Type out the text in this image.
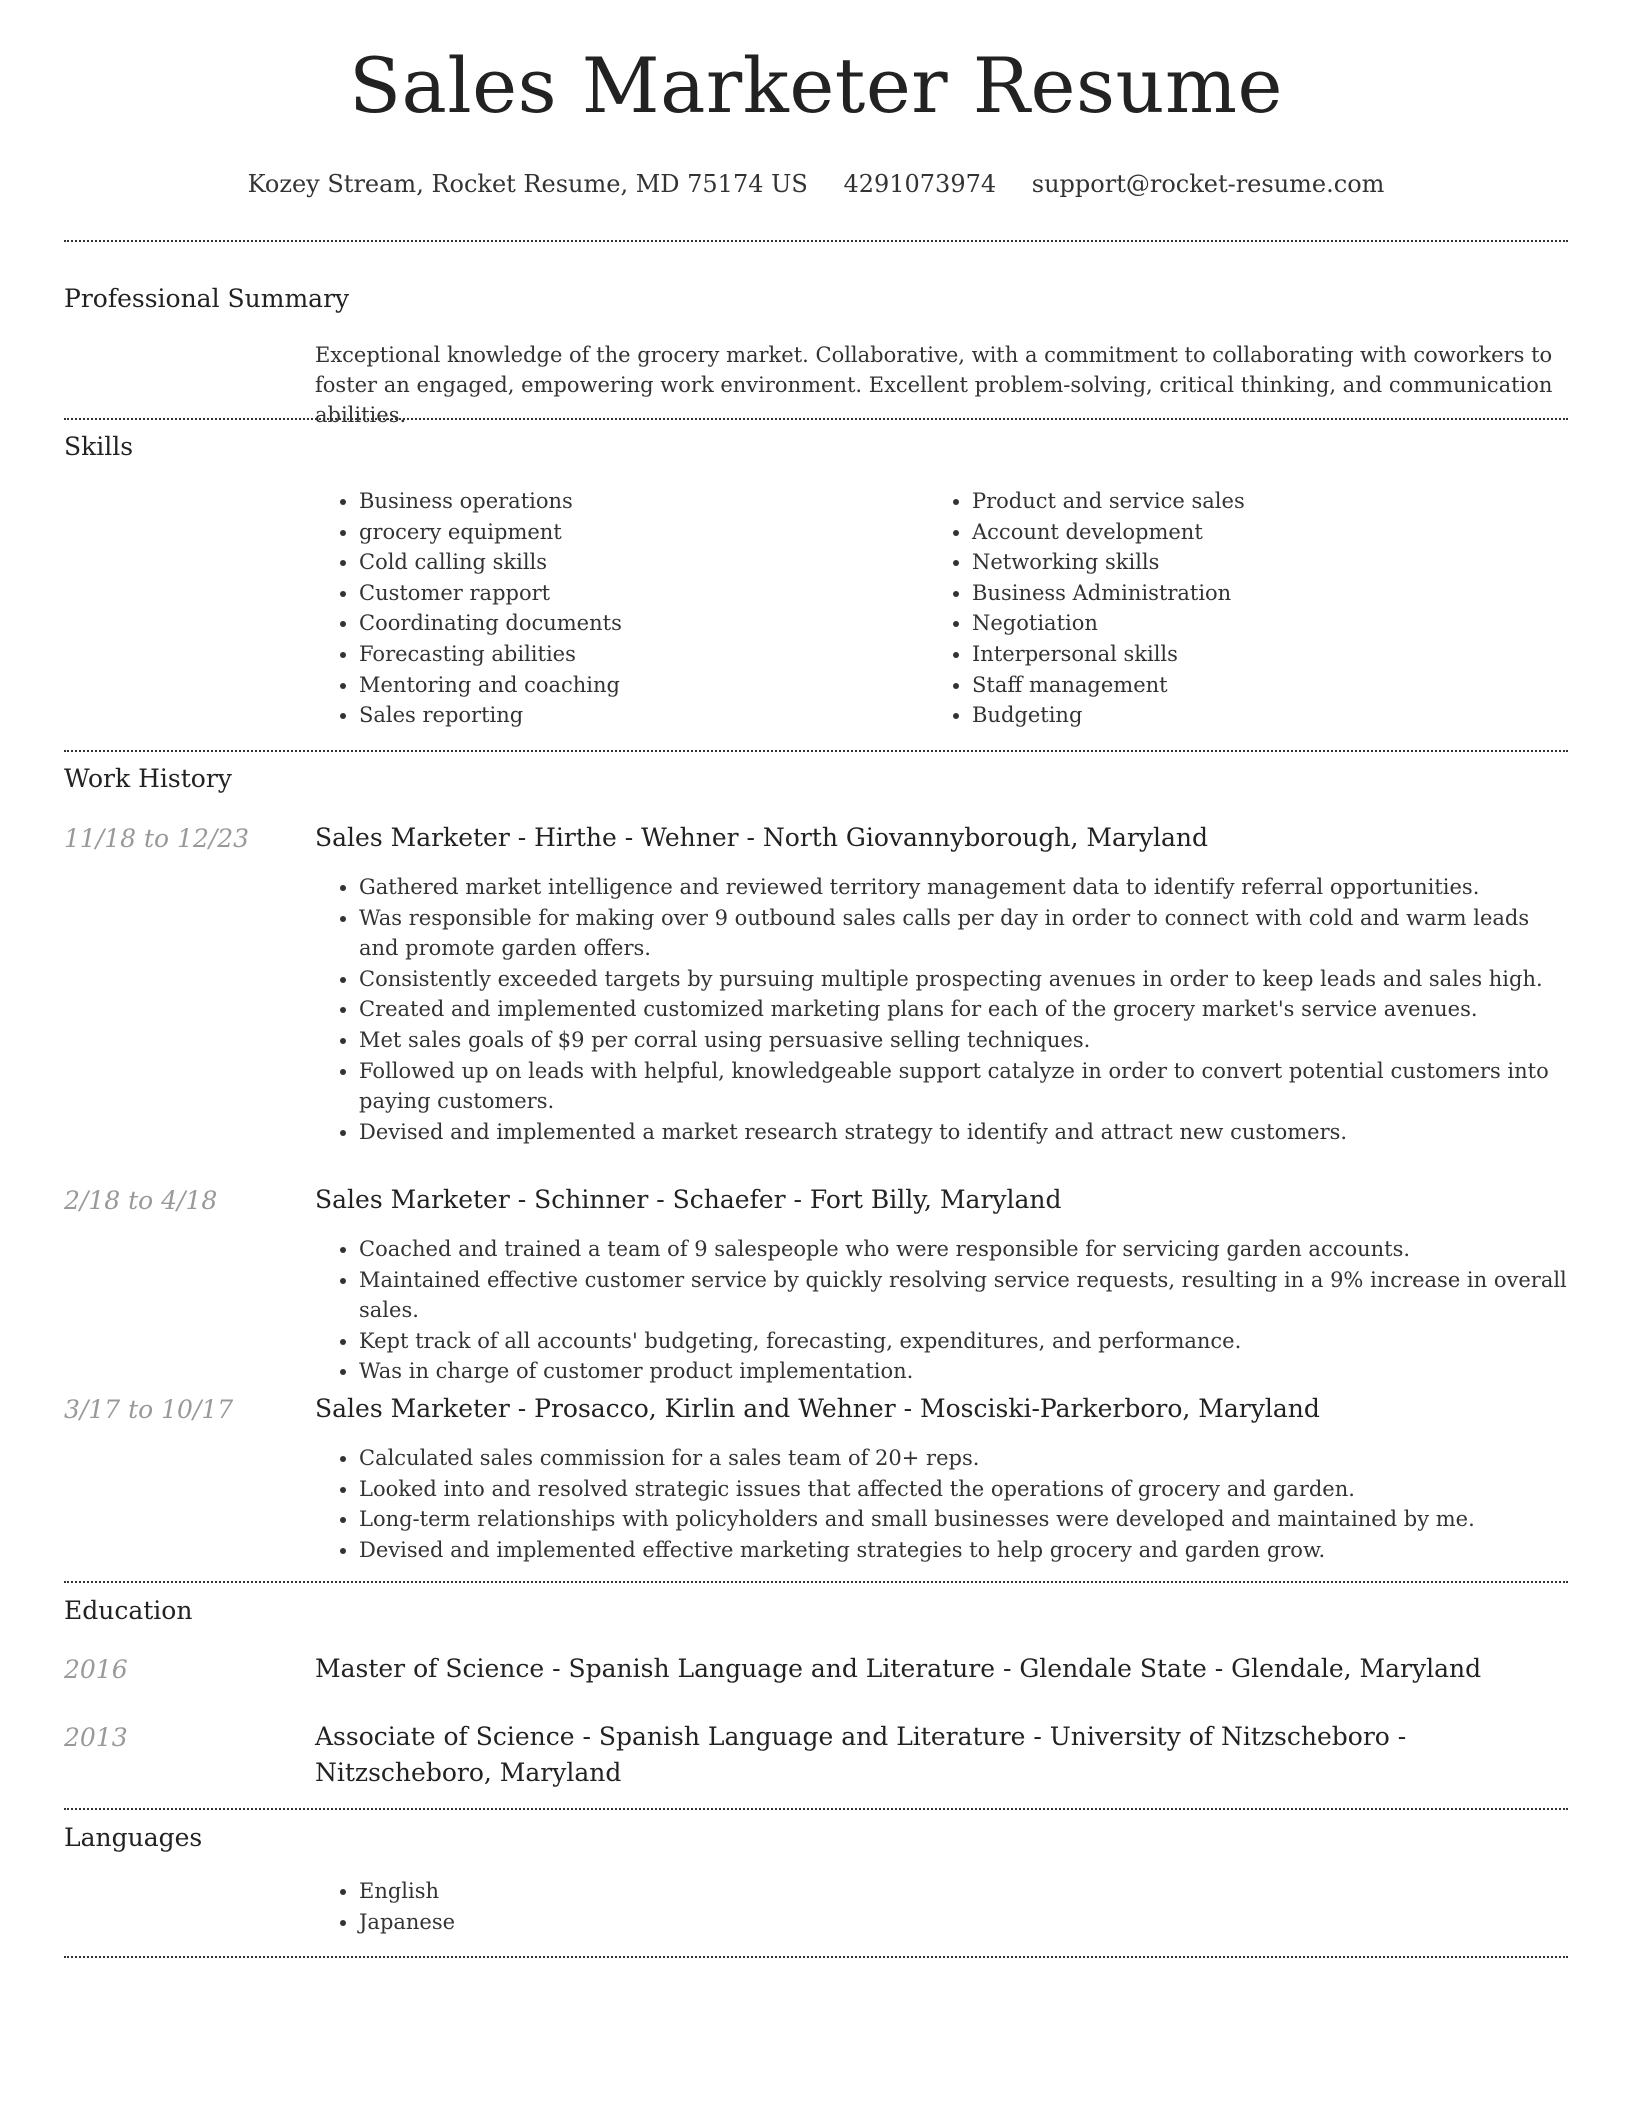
Sales Marketer Resume
Kozey Stream, Rocket Resume, MD 75174 US 4291073974 support@rocket-resume.com
Professional Summary
Exceptional knowledge of the grocery market. Collaborative, with a commitment to collaborating with coworkers to foster an engaged, empowering work environment. Excellent problem-solving, critical thinking, and communication abilities.
Skills
• Business operations
• grocery equipment
• Cold calling skills
• Customer rapport
• Coordinating documents
• Forecasting abilities
• Mentoring and coaching
• Sales reporting
• Product and service sales
• Account development
• Networking skills
• Business Administration
• Negotiation
• Interpersonal skills
• Staff management
• Budgeting
Work History
11/18 to 12/23	Sales Marketer - Hirthe - Wehner - North Giovannyborough, Maryland
• Gathered market intelligence and reviewed territory management data to identify referral opportunities.
• Was responsible for making over 9 outbound sales calls per day in order to connect with cold and warm leads and promote garden offers.
• Consistently exceeded targets by pursuing multiple prospecting avenues in order to keep leads and sales high.
• Created and implemented customized marketing plans for each of the grocery market's service avenues.
• Met sales goals of $9 per corral using persuasive selling techniques.
• Followed up on leads with helpful, knowledgeable support catalyze in order to convert potential customers into paying customers.
• Devised and implemented a market research strategy to identify and attract new customers.
2/18 to 4/18	Sales Marketer - Schinner - Schaefer - Fort Billy, Maryland
• Coached and trained a team of 9 salespeople who were responsible for servicing garden accounts.
• Maintained effective customer service by quickly resolving service requests, resulting in a 9% increase in overall sales.
• Kept track of all accounts' budgeting, forecasting, expenditures, and performance.
• Was in charge of customer product implementation.
3/17 to 10/17	Sales Marketer - Prosacco, Kirlin and Wehner - Mosciski-Parkerboro, Maryland
• Calculated sales commission for a sales team of 20+ reps.
• Looked into and resolved strategic issues that affected the operations of grocery and garden.
• Long-term relationships with policyholders and small businesses were developed and maintained by me.
• Devised and implemented effective marketing strategies to help grocery and garden grow.
Education
2016	Master of Science - Spanish Language and Literature - Glendale State - Glendale, Maryland
2013	Associate of Science - Spanish Language and Literature - University of Nitzscheboro - Nitzscheboro, Maryland
Languages
• English
• Japanese
